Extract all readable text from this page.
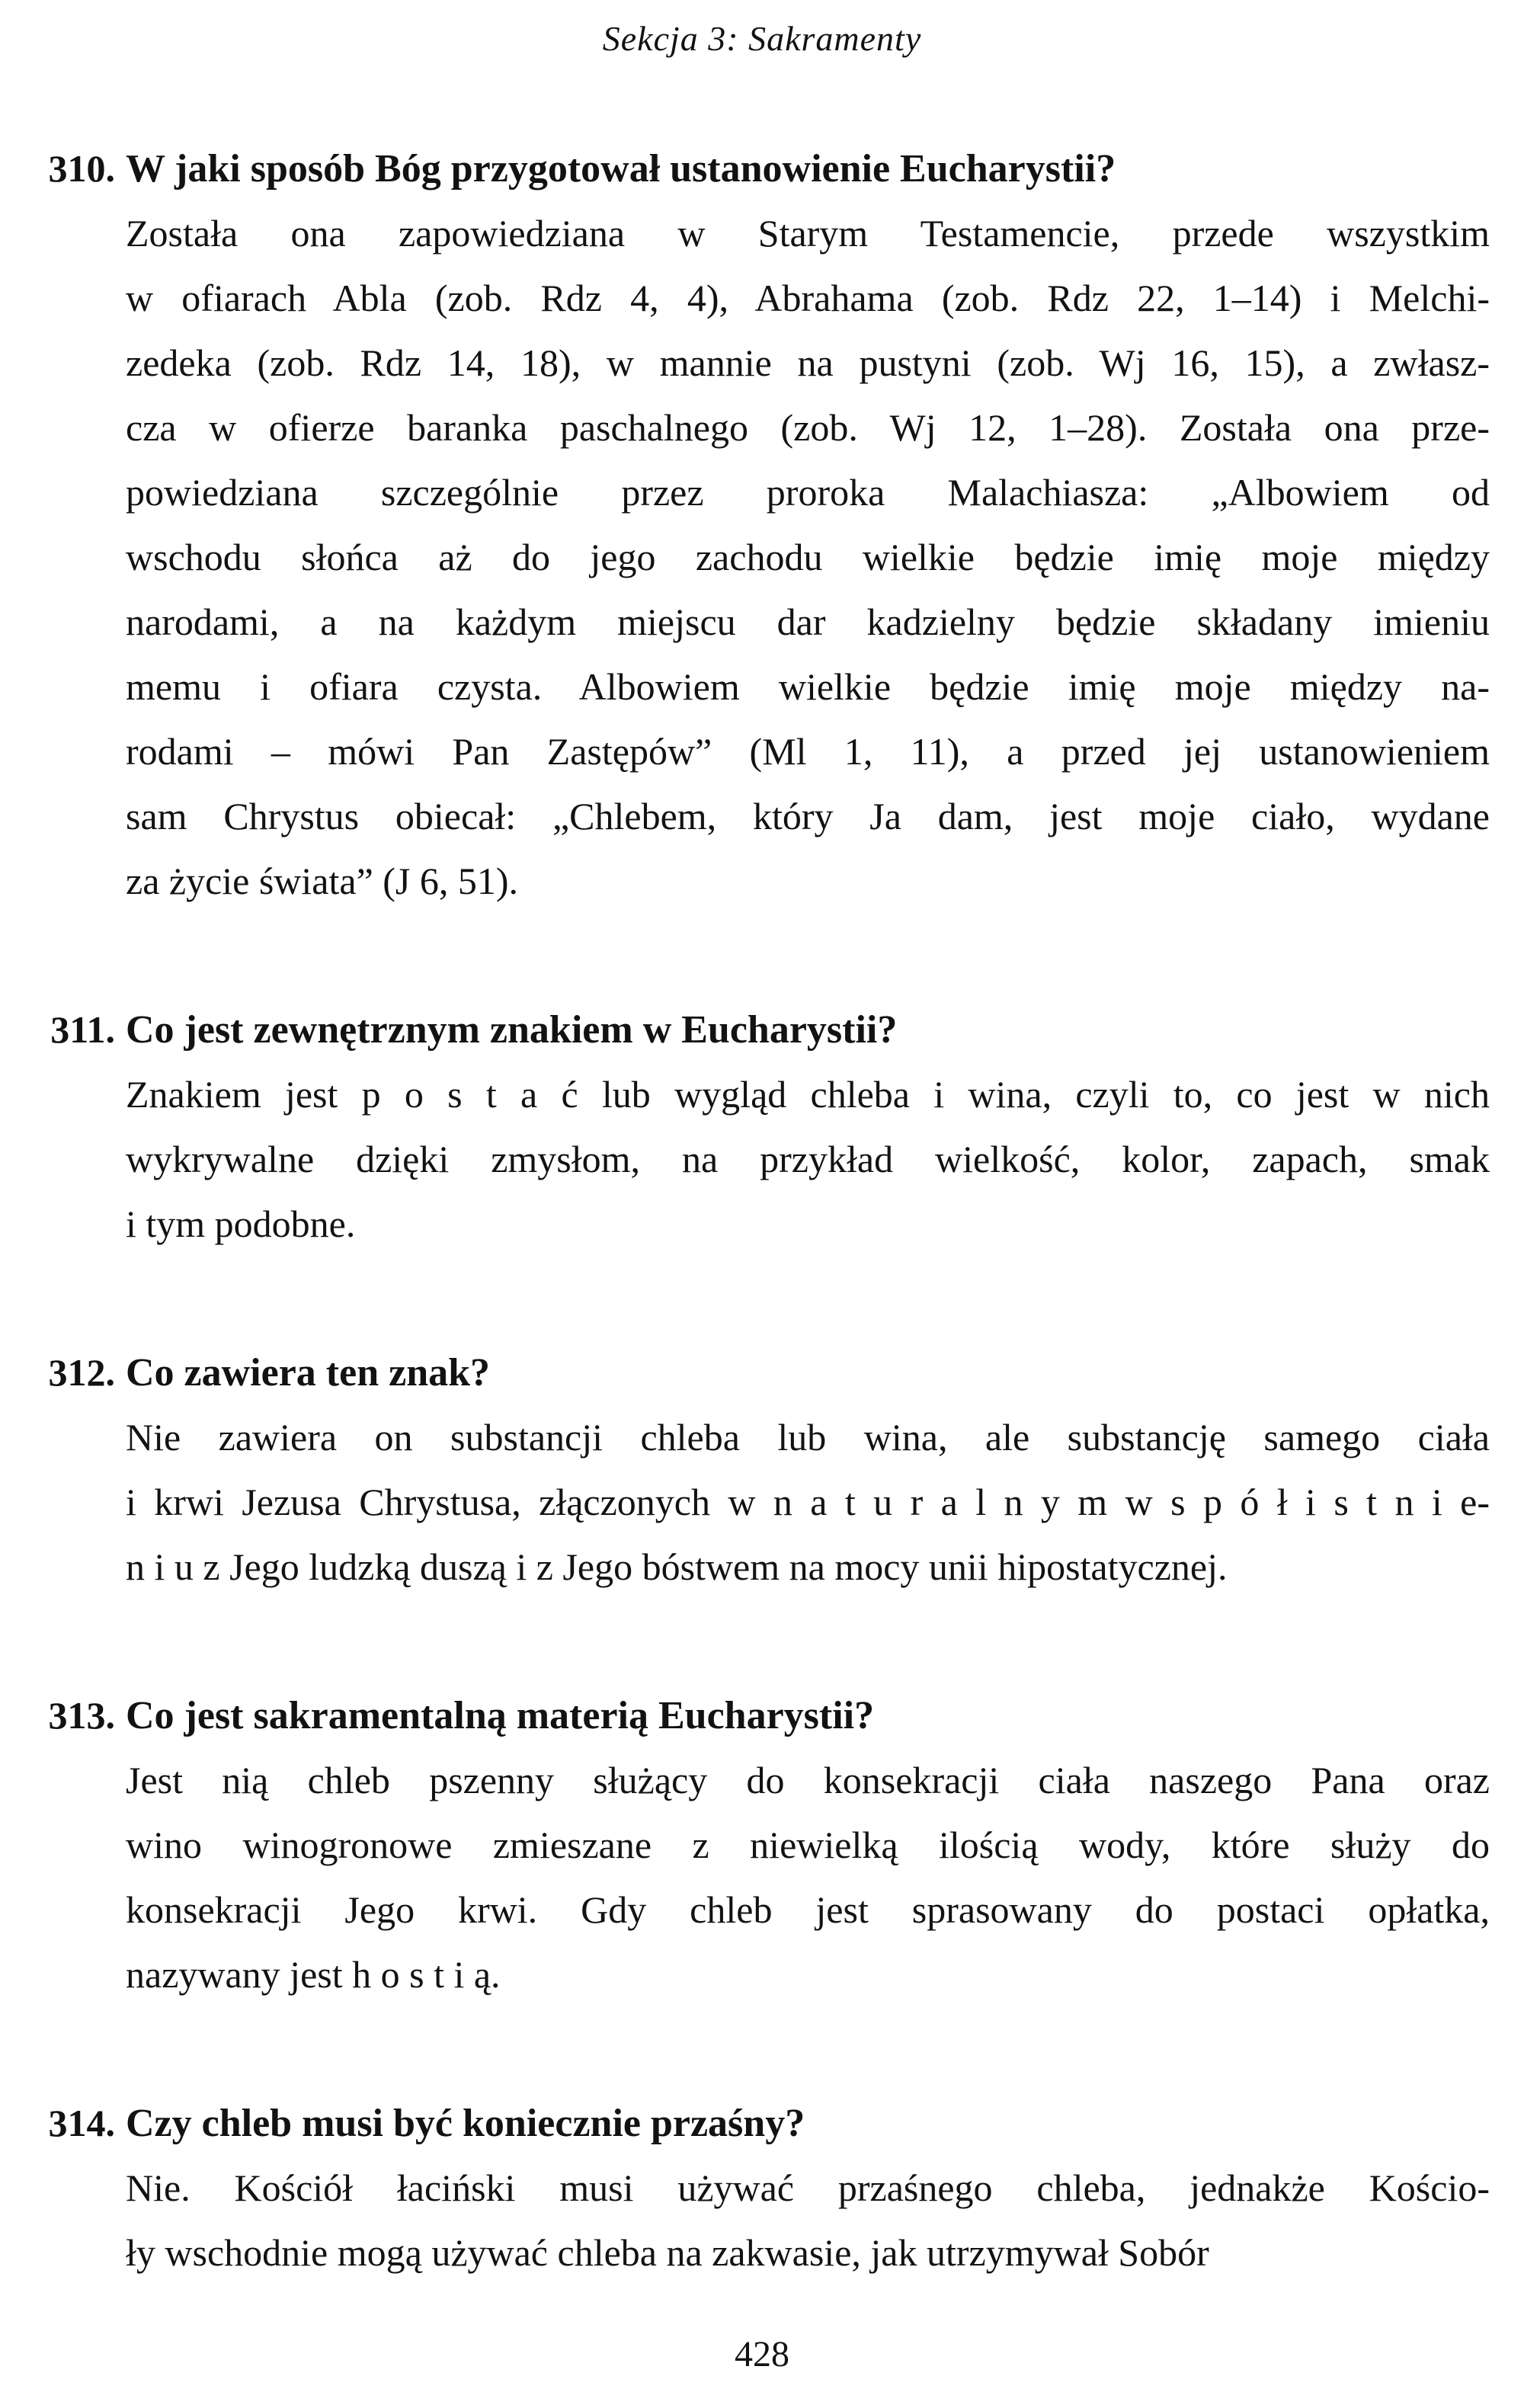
Sekcja 3: Sakramenty
310. W jaki sposób Bóg przygotował ustanowienie Eucharystii?
Została ona zapowiedziana w Starym Testamencie, przede wszystkim
w ofiarach Abla (zob. Rdz 4, 4), Abrahama (zob. Rdz 22, 1–14) i Melchi-
zedeka (zob. Rdz 14, 18), w mannie na pustyni (zob. Wj 16, 15), a zwłasz-
cza w ofierze baranka paschalnego (zob. Wj 12, 1–28). Została ona prze-
powiedziana szczególnie przez proroka Malachiasza: „Albowiem od
wschodu słońca aż do jego zachodu wielkie będzie imię moje między
narodami, a na każdym miejscu dar kadzielny będzie składany imieniu
memu i ofiara czysta. Albowiem wielkie będzie imię moje między na-
rodami – mówi Pan Zastępów” (Ml 1, 11), a przed jej ustanowieniem
sam Chrystus obiecał: „Chlebem, który Ja dam, jest moje ciało, wydane
za życie świata” (J 6, 51).
311. Co jest zewnętrznym znakiem w Eucharystii?
Znakiem jest p o s t a ć lub wygląd chleba i wina, czyli to, co jest w nich
wykrywalne dzięki zmysłom, na przykład wielkość, kolor, zapach, smak
i tym podobne.
312. Co zawiera ten znak?
Nie zawiera on substancji chleba lub wina, ale substancję samego ciała
i krwi Jezusa Chrystusa, złączonych w n a t u r a l n y m w s p ó ł i s t n i e-
n i u z Jego ludzką duszą i z Jego bóstwem na mocy unii hipostatycznej.
313. Co jest sakramentalną materią Eucharystii?
Jest nią chleb pszenny służący do konsekracji ciała naszego Pana oraz
wino winogronowe zmieszane z niewielką ilością wody, które służy do
konsekracji Jego krwi. Gdy chleb jest sprasowany do postaci opłatka,
nazywany jest h o s t i ą.
314. Czy chleb musi być koniecznie przaśny?
Nie. Kościół łaciński musi używać przaśnego chleba, jednakże Kościo-
ły wschodnie mogą używać chleba na zakwasie, jak utrzymywał Sobór
428
